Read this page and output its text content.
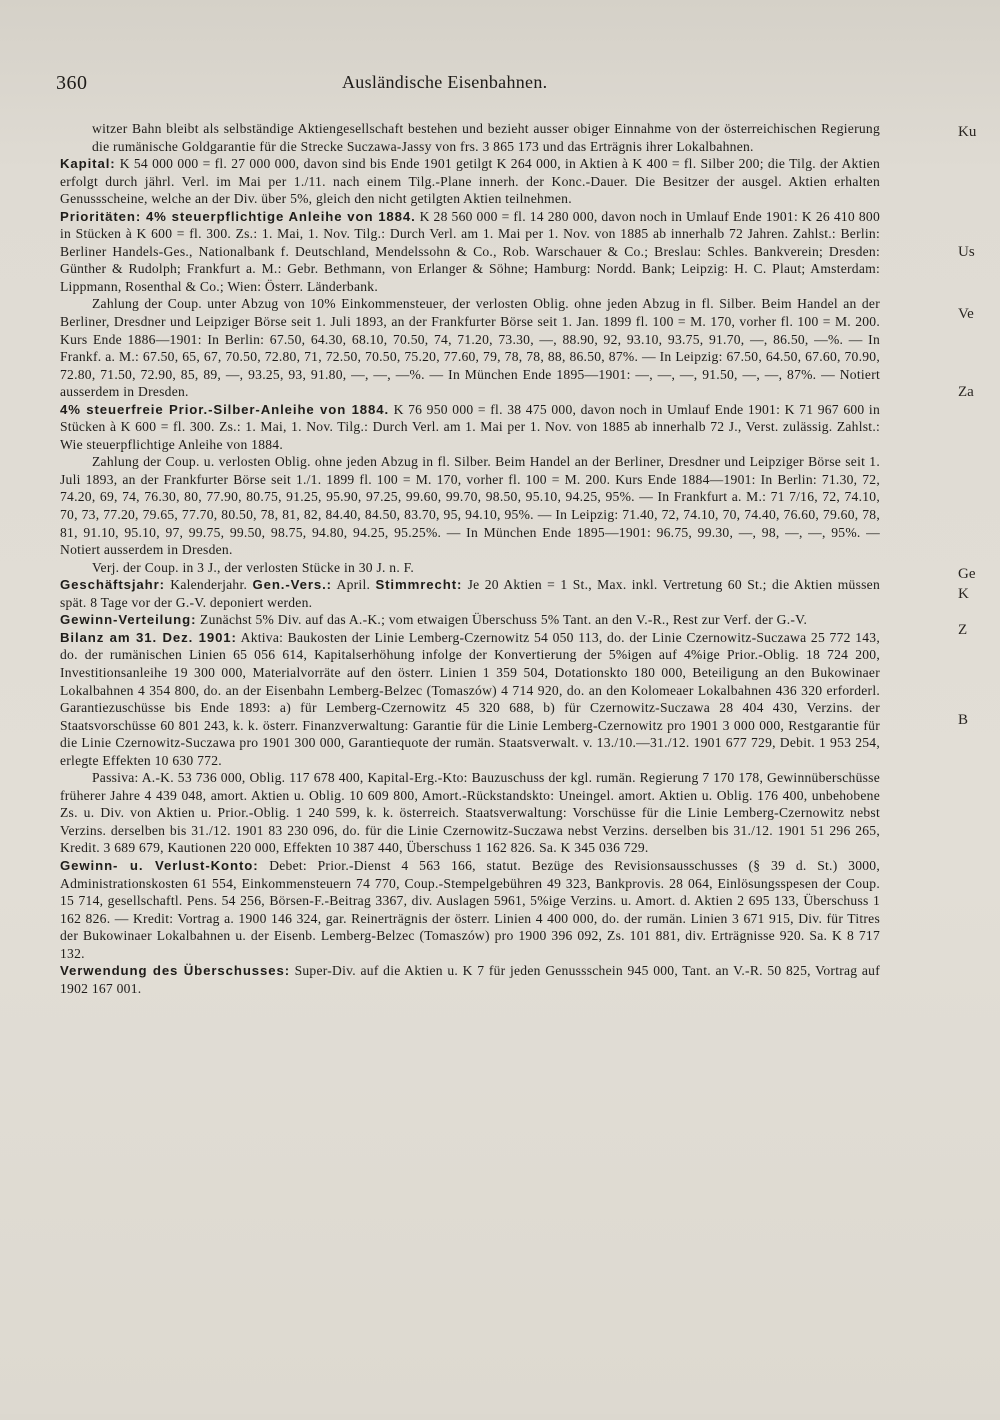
360	Ausländische Eisenbahnen.
witzer Bahn bleibt als selbständige Aktiengesellschaft bestehen und bezieht ausser obiger Einnahme von der österreichischen Regierung die rumänische Goldgarantie für die Strecke Suczawa-Jassy von frs. 3 865 173 und das Erträgnis ihrer Lokalbahnen.
Kapital: K 54 000 000 = fl. 27 000 000, davon sind bis Ende 1901 getilgt K 264 000, in Aktien à K 400 = fl. Silber 200; die Tilg. der Aktien erfolgt durch jährl. Verl. im Mai per 1./11. nach einem Tilg.-Plane innerh. der Konc.-Dauer. Die Besitzer der ausgel. Aktien erhalten Genussscheine, welche an der Div. über 5%, gleich den nicht getilgten Aktien teilnehmen.
Prioritäten: 4% steuerpflichtige Anleihe von 1884. K 28 560 000 = fl. 14 280 000, davon noch in Umlauf Ende 1901: K 26 410 800 in Stücken à K 600 = fl. 300. Zs.: 1. Mai, 1. Nov. Tilg.: Durch Verl. am 1. Mai per 1. Nov. von 1885 ab innerhalb 72 Jahren. Zahlst.: Berlin: Berliner Handels-Ges., Nationalbank f. Deutschland, Mendelssohn & Co., Rob. Warschauer & Co.; Breslau: Schles. Bankverein; Dresden: Günther & Rudolph; Frankfurt a. M.: Gebr. Bethmann, von Erlanger & Söhne; Hamburg: Nordd. Bank; Leipzig: H. C. Plaut; Amsterdam: Lippmann, Rosenthal & Co.; Wien: Österr. Länderbank.
Zahlung der Coup. unter Abzug von 10% Einkommensteuer, der verlosten Oblig. ohne jeden Abzug in fl. Silber. Beim Handel an der Berliner, Dresdner und Leipziger Börse seit 1. Juli 1893, an der Frankfurter Börse seit 1. Jan. 1899 fl. 100 = M. 170, vorher fl. 100 = M. 200. Kurs Ende 1886—1901: In Berlin: 67.50, 64.30, 68.10, 70.50, 74, 71.20, 73.30, —, 88.90, 92, 93.10, 93.75, 91.70, —, 86.50, —%. — In Frankf. a. M.: 67.50, 65, 67, 70.50, 72.80, 71, 72.50, 70.50, 75.20, 77.60, 79, 78, 78, 88, 86.50, 87%. — In Leipzig: 67.50, 64.50, 67.60, 70.90, 72.80, 71.50, 72.90, 85, 89, —, 93.25, 93, 91.80, —, —, —%. — In München Ende 1895—1901: —, —, —, 91.50, —, —, 87%. — Notiert ausserdem in Dresden.
4% steuerfreie Prior.-Silber-Anleihe von 1884. K 76 950 000 = fl. 38 475 000, davon noch in Umlauf Ende 1901: K 71 967 600 in Stücken à K 600 = fl. 300. Zs.: 1. Mai, 1. Nov. Tilg.: Durch Verl. am 1. Mai per 1. Nov. von 1885 ab innerhalb 72 J., Verst. zulässig. Zahlst.: Wie steuerpflichtige Anleihe von 1884.
Zahlung der Coup. u. verlosten Oblig. ohne jeden Abzug in fl. Silber. Beim Handel an der Berliner, Dresdner und Leipziger Börse seit 1. Juli 1893, an der Frankfurter Börse seit 1./1. 1899 fl. 100 = M. 170, vorher fl. 100 = M. 200. Kurs Ende 1884—1901: In Berlin: 71.30, 72, 74.20, 69, 74, 76.30, 80, 77.90, 80.75, 91.25, 95.90, 97.25, 99.60, 99.70, 98.50, 95.10, 94.25, 95%. — In Frankfurt a. M.: 71 7/16, 72, 74.10, 70, 73, 77.20, 79.65, 77.70, 80.50, 78, 81, 82, 84.40, 84.50, 83.70, 95, 94.10, 95%. — In Leipzig: 71.40, 72, 74.10, 70, 74.40, 76.60, 79.60, 78, 81, 91.10, 95.10, 97, 99.75, 99.50, 98.75, 94.80, 94.25, 95.25%. — In München Ende 1895—1901: 96.75, 99.30, —, 98, —, —, 95%. — Notiert ausserdem in Dresden.
Verj. der Coup. in 3 J., der verlosten Stücke in 30 J. n. F.
Geschäftsjahr: Kalenderjahr. Gen.-Vers.: April. Stimmrecht: Je 20 Aktien = 1 St., Max. inkl. Vertretung 60 St.; die Aktien müssen spät. 8 Tage vor der G.-V. deponiert werden.
Gewinn-Verteilung: Zunächst 5% Div. auf das A.-K.; vom etwaigen Überschuss 5% Tant. an den V.-R., Rest zur Verf. der G.-V.
Bilanz am 31. Dez. 1901: Aktiva: Baukosten der Linie Lemberg-Czernowitz 54 050 113, do. der Linie Czernowitz-Suczawa 25 772 143, do. der rumänischen Linien 65 056 614, Kapitalserhöhung infolge der Konvertierung der 5%igen auf 4%ige Prior.-Oblig. 18 724 200, Investitionsanleihe 19 300 000, Materialvorräte auf den österr. Linien 1 359 504, Dotationskto 180 000, Beteiligung an den Bukowinaer Lokalbahnen 4 354 800, do. an der Eisenbahn Lemberg-Belzec (Tomaszów) 4 714 920, do. an den Kolomeaer Lokalbahnen 436 320 erforderl. Garantiezuschüsse bis Ende 1893: a) für Lemberg-Czernowitz 45 320 688, b) für Czernowitz-Suczawa 28 404 430, Verzins. der Staatsvorschüsse 60 801 243, k. k. österr. Finanzverwaltung: Garantie für die Linie Lemberg-Czernowitz pro 1901 3 000 000, Restgarantie für die Linie Czernowitz-Suczawa pro 1901 300 000, Garantiequote der rumän. Staatsverwalt. v. 13./10.—31./12. 1901 677 729, Debit. 1 953 254, erlegte Effekten 10 630 772.
Passiva: A.-K. 53 736 000, Oblig. 117 678 400, Kapital-Erg.-Kto: Bauzuschuss der kgl. rumän. Regierung 7 170 178, Gewinnüberschüsse früherer Jahre 4 439 048, amort. Aktien u. Oblig. 10 609 800, Amort.-Rückstandskto: Uneingel. amort. Aktien u. Oblig. 176 400, unbehobene Zs. u. Div. von Aktien u. Prior.-Oblig. 1 240 599, k. k. österreich. Staatsverwaltung: Vorschüsse für die Linie Lemberg-Czernowitz nebst Verzins. derselben bis 31./12. 1901 83 230 096, do. für die Linie Czernowitz-Suczawa nebst Verzins. derselben bis 31./12. 1901 51 296 265, Kredit. 3 689 679, Kautionen 220 000, Effekten 10 387 440, Überschuss 1 162 826. Sa. K 345 036 729.
Gewinn- u. Verlust-Konto: Debet: Prior.-Dienst 4 563 166, statut. Bezüge des Revisionsausschusses (§ 39 d. St.) 3000, Administrationskosten 61 554, Einkommensteuern 74 770, Coup.-Stempelgebühren 49 323, Bankprovis. 28 064, Einlösungsspesen der Coup. 15 714, gesellschaftl. Pens. 54 256, Börsen-F.-Beitrag 3367, div. Auslagen 5961, 5%ige Verzins. u. Amort. d. Aktien 2 695 133, Überschuss 1 162 826. — Kredit: Vortrag a. 1900 146 324, gar. Reinerträgnis der österr. Linien 4 400 000, do. der rumän. Linien 3 671 915, Div. für Titres der Bukowinaer Lokalbahnen u. der Eisenb. Lemberg-Belzec (Tomaszów) pro 1900 396 092, Zs. 101 881, div. Erträgnisse 920. Sa. K 8 717 132.
Verwendung des Überschusses: Super-Div. auf die Aktien u. K 7 für jeden Genussschein 945 000, Tant. an V.-R. 50 825, Vortrag auf 1902 167 001.
Ku
Us
Ve
Za
Ge
K
Z
B
